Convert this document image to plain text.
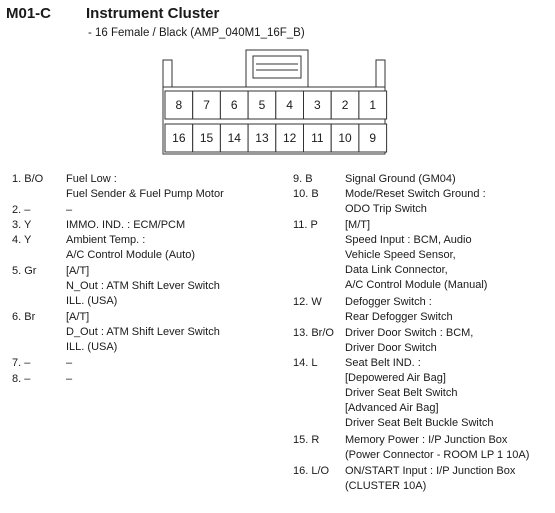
M01-C Instrument Cluster
- 16 Female / Black (AMP_040M1_16F_B)
8 7 6 5 4 3 2 1
16 15 14 13 12 11 10 9
1. B/O	Fuel Low :
Fuel Sender & Fuel Pump Motor
2. –	–
3. Y	IMMO. IND. : ECM/PCM
4. Y	Ambient Temp. :
A/C Control Module (Auto)
5. Gr	[A/T]
N_Out : ATM Shift Lever Switch
ILL. (USA)
6. Br	[A/T]
D_Out : ATM Shift Lever Switch
ILL. (USA)
7. –	–
8. –	–
9. B	Signal Ground (GM04)
10. B	Mode/Reset Switch Ground :
ODO Trip Switch
11. P	[M/T]
Speed Input : BCM, Audio
Vehicle Speed Sensor,
Data Link Connector,
A/C Control Module (Manual)
12. W	Defogger Switch :
Rear Defogger Switch
13. Br/O	Driver Door Switch : BCM,
Driver Door Switch
14. L	Seat Belt IND. :
[Depowered Air Bag]
Driver Seat Belt Switch
[Advanced Air Bag]
Driver Seat Belt Buckle Switch
15. R	Memory Power : I/P Junction Box
(Power Connector - ROOM LP 1 10A)
16. L/O	ON/START Input : I/P Junction Box
(CLUSTER 10A)
